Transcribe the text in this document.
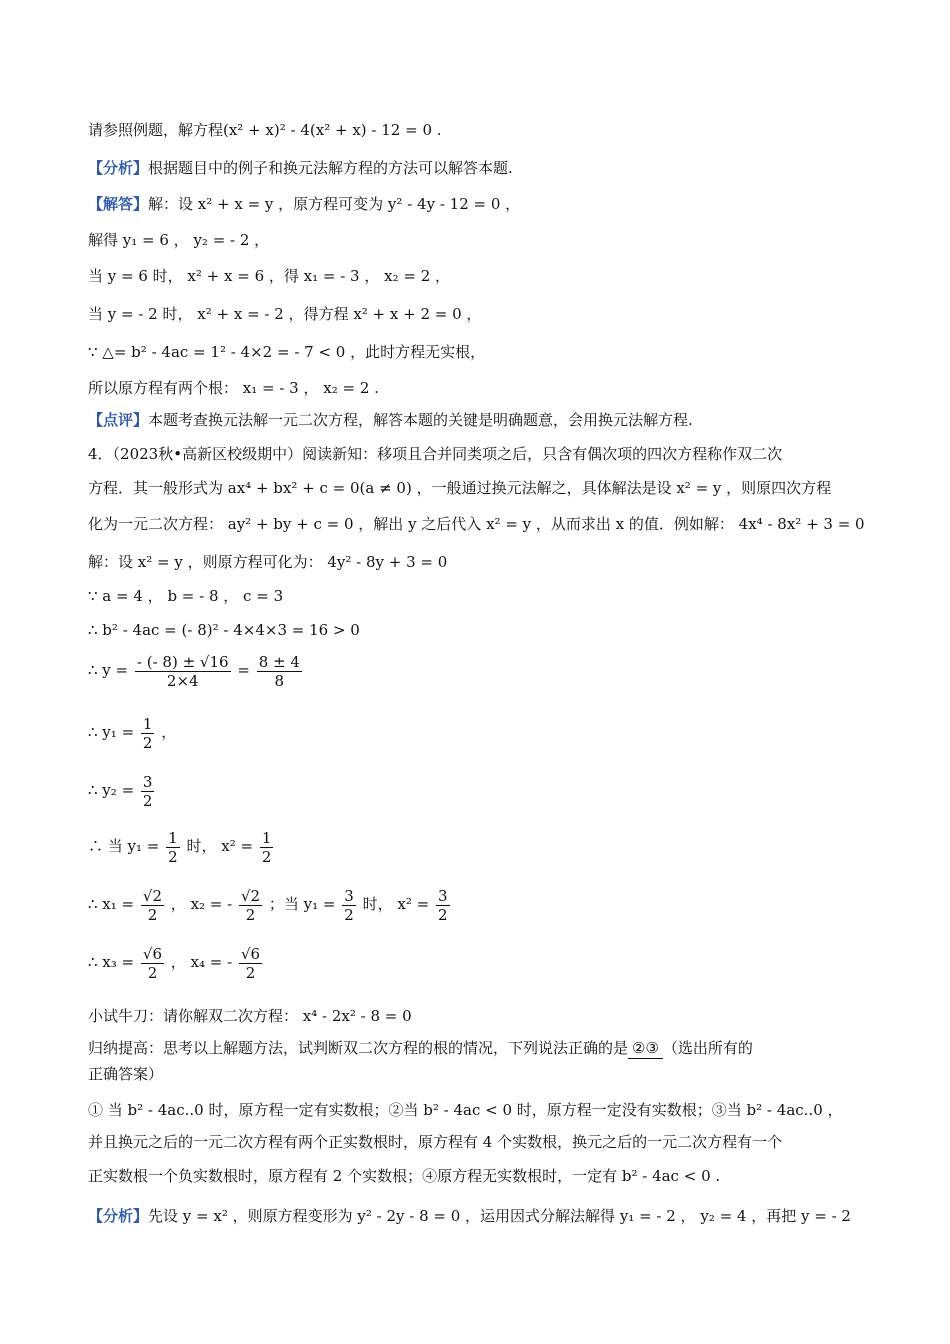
请参照例题，解方程(x² + x)² - 4(x² + x) - 12 = 0 .
【分析】根据题目中的例子和换元法解方程的方法可以解答本题.
【解答】解：设 x² + x = y ，原方程可变为 y² - 4y - 12 = 0 ，
解得 y₁ = 6 ， y₂ = - 2 ，
当 y = 6 时， x² + x = 6 ，得 x₁ = - 3 ， x₂ = 2 ，
当 y = - 2 时， x² + x = - 2 ，得方程 x² + x + 2 = 0 ，
∵ △= b² - 4ac = 1² - 4×2 = - 7 < 0 ，此时方程无实根，
所以原方程有两个根： x₁ = - 3 ， x₂ = 2 .
【点评】本题考查换元法解一元二次方程，解答本题的关键是明确题意，会用换元法解方程.
4．（2023秋•高新区校级期中）阅读新知：移项且合并同类项之后，只含有偶次项的四次方程称作双二次
方程．其一般形式为 ax⁴ + bx² + c = 0(a ≠ 0) ，一般通过换元法解之，具体解法是设 x² = y ，则原四次方程
化为一元二次方程： ay² + by + c = 0 ，解出 y 之后代入 x² = y ，从而求出 x 的值．例如解： 4x⁴ - 8x² + 3 = 0
解：设 x² = y ，则原方程可化为： 4y² - 8y + 3 = 0
∵ a = 4 ， b = - 8 ， c = 3
∴ b² - 4ac = (- 8)² - 4×4×3 = 16 > 0
∴ $y = \frac{- (- 8) \pm √16}{2\times 4} = \frac{8 \pm 4}{8}$
∴ $y_1 = \frac{1}{2}$ ，
∴ $y_2 = \frac{3}{2}$
∴ 当 $y_1 = \frac{1}{2}$ 时， $x^2 = \frac{1}{2}$
∴ $x_1 = \frac{√2}{2}$ ， x₂ = - $\frac{√2}{2}$ ；当 $y_1 = \frac{3}{2}$ 时， $x^2 = \frac{3}{2}$
∴ $x_3 = \frac{√6}{2}$ ， x₄ = - $\frac{√6}{2}$
小试牛刀：请你解双二次方程： x⁴ - 2x² - 8 = 0
归纳提高：思考以上解题方法，试判断双二次方程的根的情况，下列说法正确的是 ②③ （选出所有的
正确答案）
① 当 b² - 4ac..0 时，原方程一定有实数根；②当 b² - 4ac < 0 时，原方程一定没有实数根；③当 b² - 4ac..0 ，
并且换元之后的一元二次方程有两个正实数根时，原方程有 4 个实数根，换元之后的一元二次方程有一个
正实数根一个负实数根时，原方程有 2 个实数根；④原方程无实数根时，一定有 b² - 4ac < 0 .
【分析】先设 y = x² ，则原方程变形为 y² - 2y - 8 = 0 ，运用因式分解法解得 y₁ = - 2 ， y₂ = 4 ，再把 y = - 2
